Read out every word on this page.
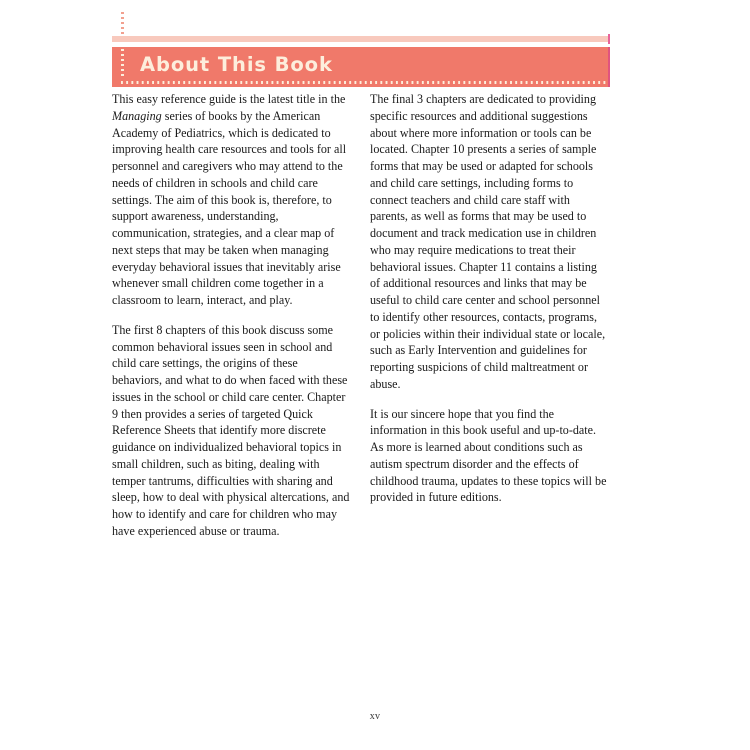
About This Book

This easy reference guide is the latest title in the Managing series of books by the American Academy of Pediatrics, which is dedicated to improving health care resources and tools for all personnel and caregivers who may attend to the needs of children in schools and child care settings. The aim of this book is, therefore, to support awareness, understanding, communication, strategies, and a clear map of next steps that may be taken when managing everyday behavioral issues that inevitably arise whenever small children come together in a classroom to learn, interact, and play.

The first 8 chapters of this book discuss some common behavioral issues seen in school and child care settings, the origins of these behaviors, and what to do when faced with these issues in the school or child care center. Chapter 9 then provides a series of targeted Quick Reference Sheets that identify more discrete guidance on individualized behavioral topics in small children, such as biting, dealing with temper tantrums, difficulties with sharing and sleep, how to deal with physical altercations, and how to identify and care for children who may have experienced abuse or trauma.

The final 3 chapters are dedicated to providing specific resources and additional suggestions about where more information or tools can be located. Chapter 10 presents a series of sample forms that may be used or adapted for schools and child care settings, including forms to connect teachers and child care staff with parents, as well as forms that may be used to document and track medication use in children who may require medications to treat their behavioral issues. Chapter 11 contains a listing of additional resources and links that may be useful to child care center and school personnel to identify other resources, contacts, programs, or policies within their individual state or locale, such as Early Intervention and guidelines for reporting suspicions of child maltreatment or abuse.

It is our sincere hope that you find the information in this book useful and up-to-date. As more is learned about conditions such as autism spectrum disorder and the effects of childhood trauma, updates to these topics will be provided in future editions.

xv
